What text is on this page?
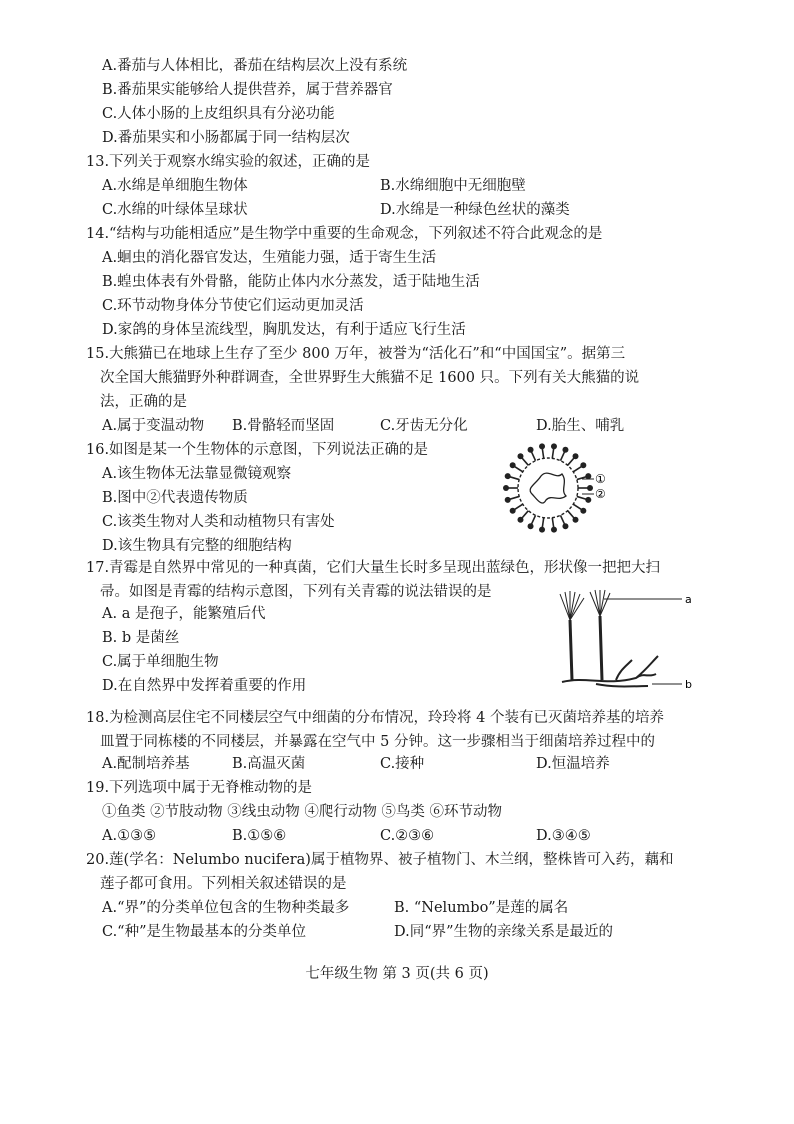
A.番茄与人体相比，番茄在结构层次上没有系统
B.番茄果实能够给人提供营养，属于营养器官
C.人体小肠的上皮组织具有分泌功能
D.番茄果实和小肠都属于同一结构层次
13.下列关于观察水绵实验的叙述，正确的是
A.水绵是单细胞生物体	B.水绵细胞中无细胞壁
C.水绵的叶绿体呈球状	D.水绵是一种绿色丝状的藻类
14.“结构与功能相适应”是生物学中重要的生命观念，下列叙述不符合此观念的是
A.蛔虫的消化器官发达，生殖能力强，适于寄生生活
B.蝗虫体表有外骨骼，能防止体内水分蒸发，适于陆地生活
C.环节动物身体分节使它们运动更加灵活
D.家鸽的身体呈流线型，胸肌发达，有利于适应飞行生活
15.大熊猫已在地球上生存了至少 800 万年，被誉为“活化石”和“中国国宝”。据第三
次全国大熊猫野外种群调查，全世界野生大熊猫不足 1600 只。下列有关大熊猫的说
法，正确的是
A.属于变温动物 B.骨骼轻而坚固	C.牙齿无分化	D.胎生、哺乳
16.如图是某一个生物体的示意图，下列说法正确的是
A.该生物体无法靠显微镜观察
B.图中②代表遗传物质
C.该类生物对人类和动植物只有害处
D.该生物具有完整的细胞结构
①
②
17.青霉是自然界中常见的一种真菌，它们大量生长时多呈现出蓝绿色，形状像一把把大扫
帚。如图是青霉的结构示意图，下列有关青霉的说法错误的是
A. a 是孢子，能繁殖后代
B. b 是菌丝
C.属于单细胞生物
D.在自然界中发挥着重要的作用
a
b
18.为检测高层住宅不同楼层空气中细菌的分布情况，玲玲将 4 个装有已灭菌培养基的培养
皿置于同栋楼的不同楼层，并暴露在空气中 5 分钟。这一步骤相当于细菌培养过程中的
A.配制培养基	B.高温灭菌	C.接种	D.恒温培养
19.下列选项中属于无脊椎动物的是
①鱼类 ②节肢动物 ③线虫动物 ④爬行动物 ⑤鸟类 ⑥环节动物
A.①③⑤	B.①⑤⑥	C.②③⑥	D.③④⑤
20.莲(学名：Nelumbo nucifera)属于植物界、被子植物门、木兰纲，整株皆可入药，藕和
莲子都可食用。下列相关叙述错误的是
A.“界”的分类单位包含的生物种类最多	B. “Nelumbo”是莲的属名
C.“种”是生物最基本的分类单位	D.同“界”生物的亲缘关系是最近的
七年级生物 第 3 页(共 6 页)
